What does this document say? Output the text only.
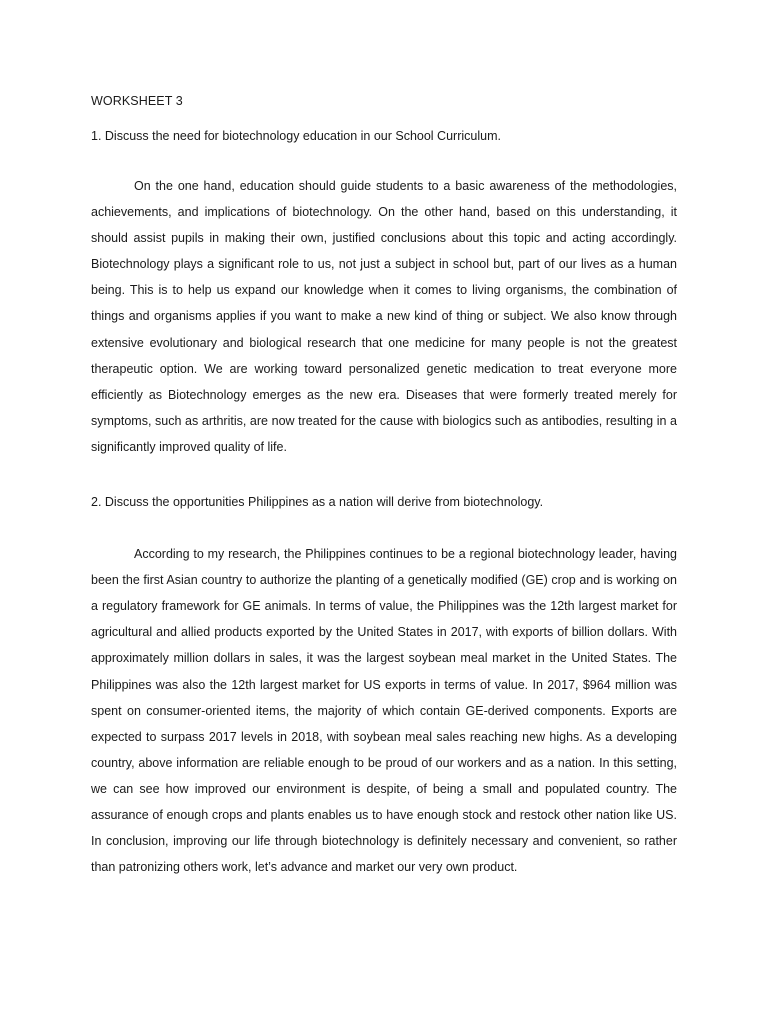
WORKSHEET 3

1. Discuss the need for biotechnology education in our School Curriculum.

On the one hand, education should guide students to a basic awareness of the methodologies, achievements, and implications of biotechnology. On the other hand, based on this understanding, it should assist pupils in making their own, justified conclusions about this topic and acting accordingly. Biotechnology plays a significant role to us, not just a subject in school but, part of our lives as a human being. This is to help us expand our knowledge when it comes to living organisms, the combination of things and organisms applies if you want to make a new kind of thing or subject. We also know through extensive evolutionary and biological research that one medicine for many people is not the greatest therapeutic option. We are working toward personalized genetic medication to treat everyone more efficiently as Biotechnology emerges as the new era. Diseases that were formerly treated merely for symptoms, such as arthritis, are now treated for the cause with biologics such as antibodies, resulting in a significantly improved quality of life.

2. Discuss the opportunities Philippines as a nation will derive from biotechnology.

According to my research, the Philippines continues to be a regional biotechnology leader, having been the first Asian country to authorize the planting of a genetically modified (GE) crop and is working on a regulatory framework for GE animals. In terms of value, the Philippines was the 12th largest market for agricultural and allied products exported by the United States in 2017, with exports of billion dollars. With approximately million dollars in sales, it was the largest soybean meal market in the United States. The Philippines was also the 12th largest market for US exports in terms of value. In 2017, $964 million was spent on consumer-oriented items, the majority of which contain GE-derived components. Exports are expected to surpass 2017 levels in 2018, with soybean meal sales reaching new highs. As a developing country, above information are reliable enough to be proud of our workers and as a nation. In this setting, we can see how improved our environment is despite, of being a small and populated country. The assurance of enough crops and plants enables us to have enough stock and restock other nation like US. In conclusion, improving our life through biotechnology is definitely necessary and convenient, so rather than patronizing others work, let’s advance and market our very own product.
